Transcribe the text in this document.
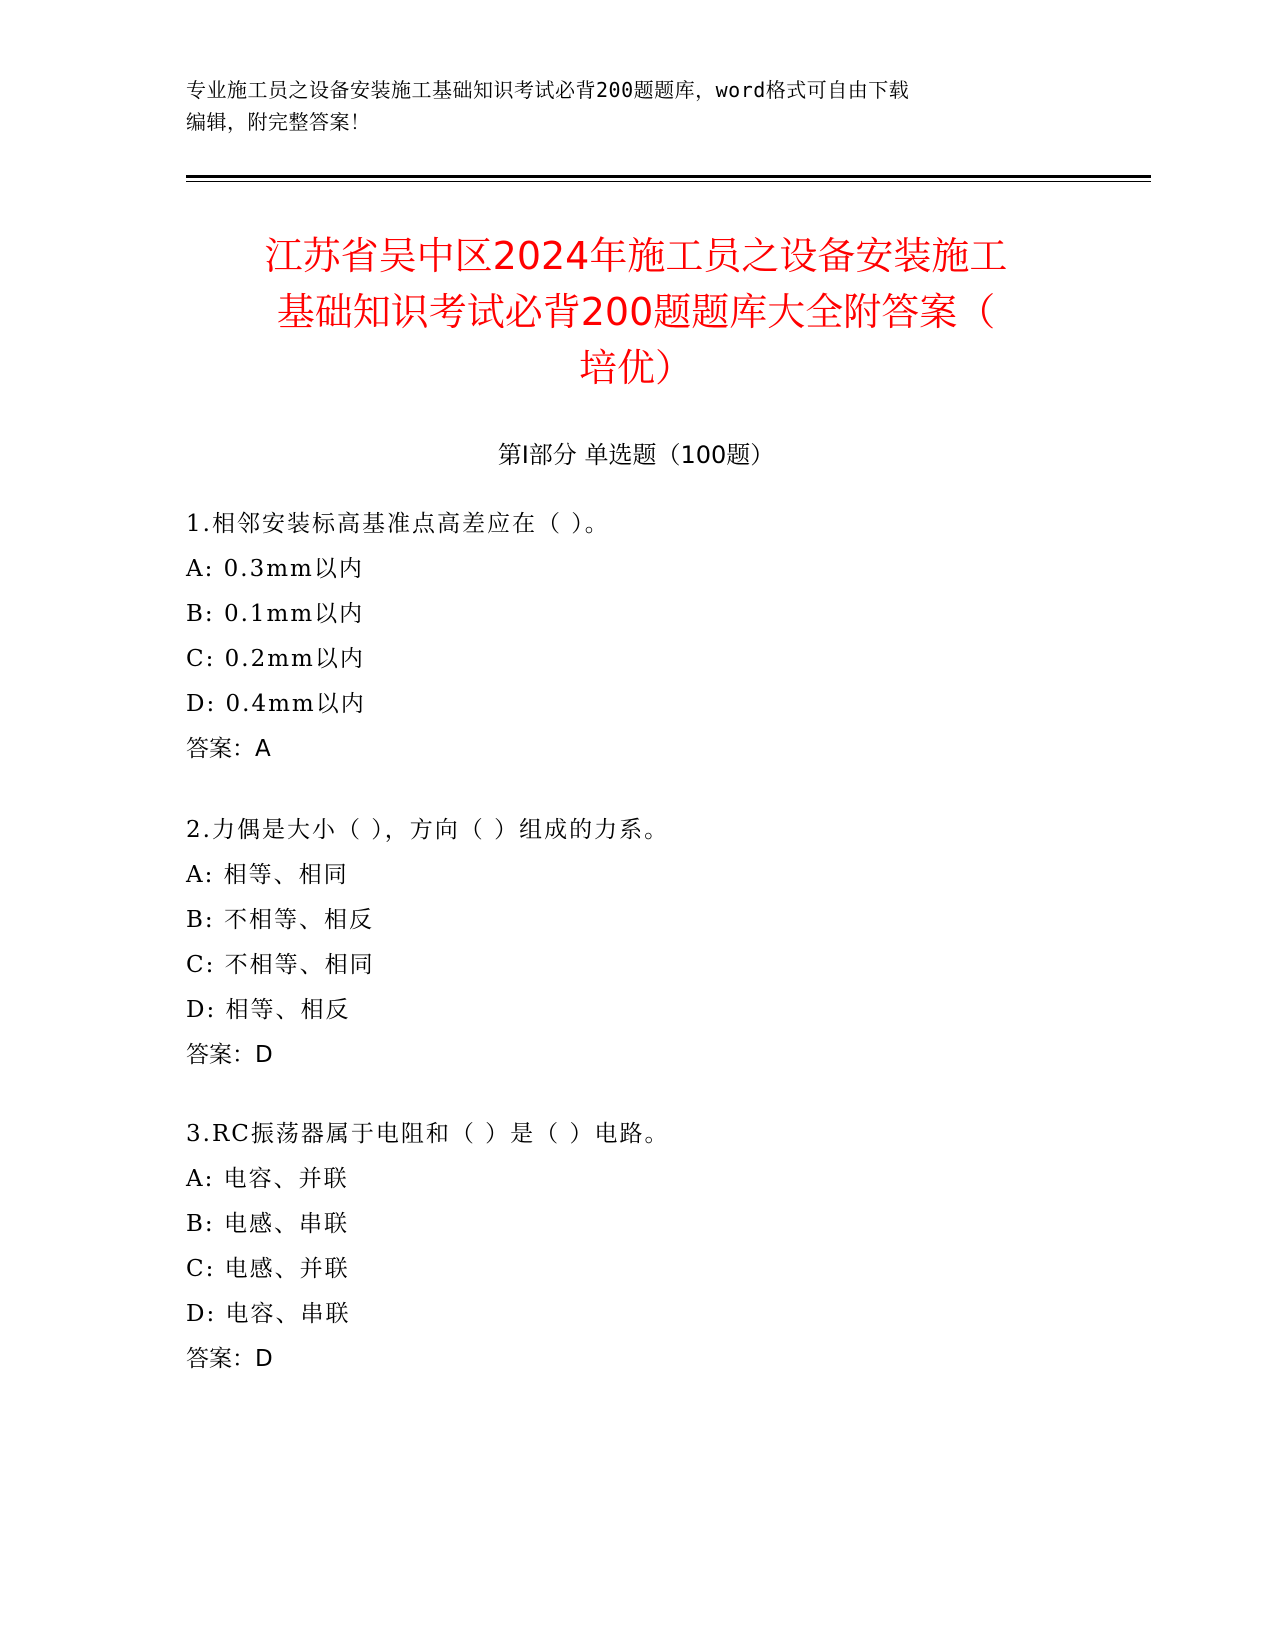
专业施工员之设备安装施工基础知识考试必背200题题库，word格式可自由下载
编辑，附完整答案！
江苏省吴中区2024年施工员之设备安装施工
基础知识考试必背200题题库大全附答案（
培优）
第I部分 单选题（100题）
1.相邻安装标高基准点高差应在（ ）。
A: 0.3mm以内
B: 0.1mm以内
C: 0.2mm以内
D: 0.4mm以内
答案：A
2.力偶是大小（ ），方向（ ）组成的力系。
A: 相等、相同
B: 不相等、相反
C: 不相等、相同
D: 相等、相反
答案：D
3.RC振荡器属于电阻和（ ）是（ ）电路。
A: 电容、并联
B: 电感、串联
C: 电感、并联
D: 电容、串联
答案：D
